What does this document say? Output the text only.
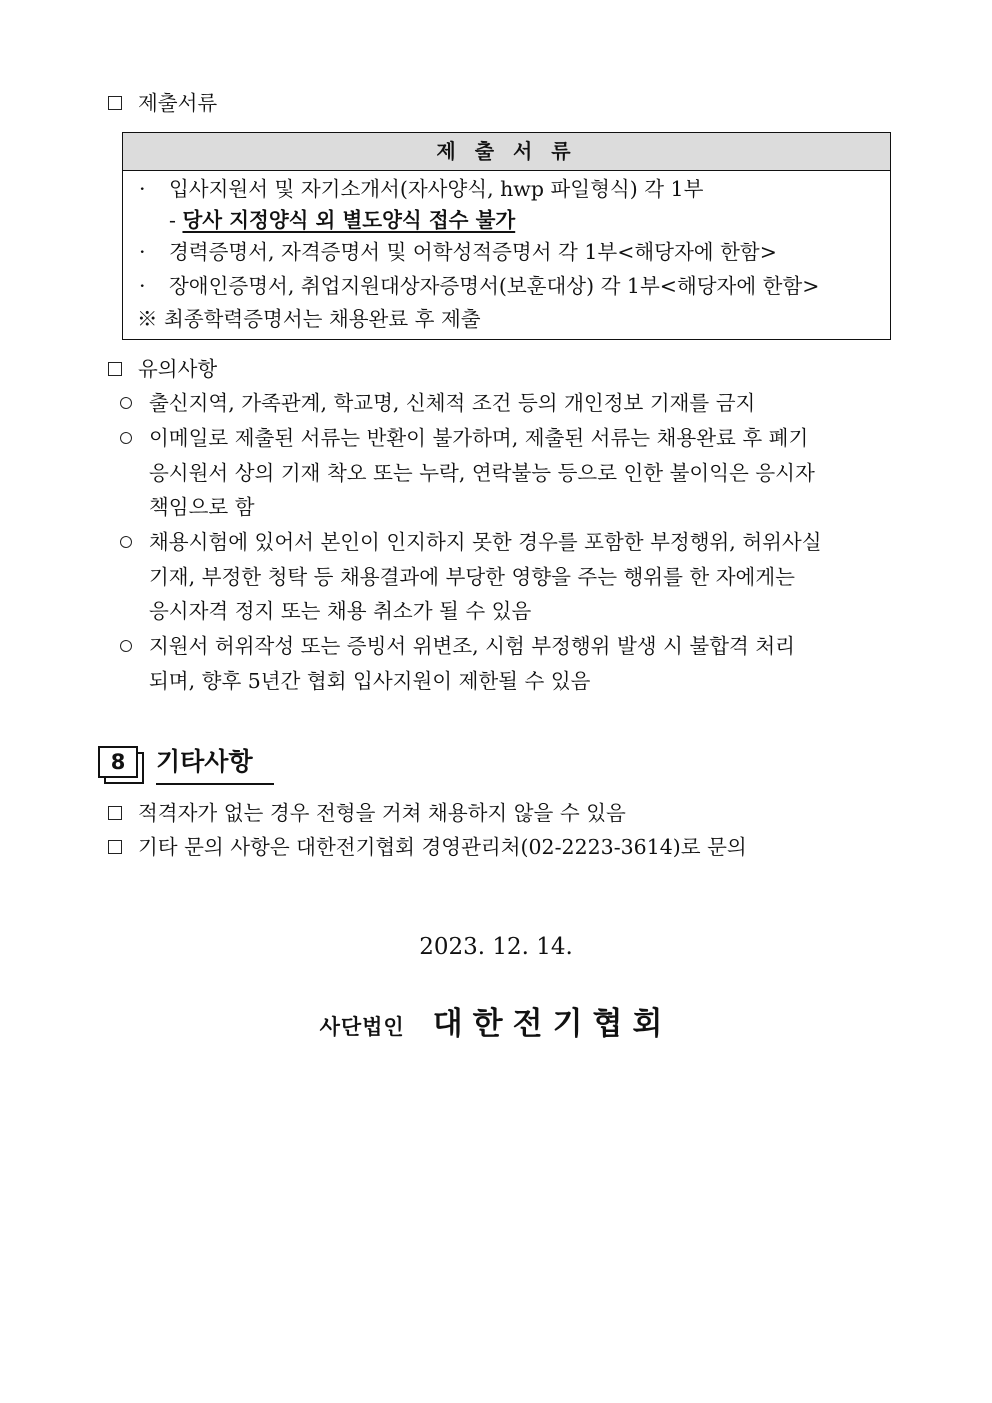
제출서류
제 출 서 류
· 입사지원서 및 자기소개서(자사양식, hwp 파일형식) 각 1부
- 당사 지정양식 외 별도양식 접수 불가
· 경력증명서, 자격증명서 및 어학성적증명서 각 1부<해당자에 한함>
· 장애인증명서, 취업지원대상자증명서(보훈대상) 각 1부<해당자에 한함>
※ 최종학력증명서는 채용완료 후 제출
유의사항
출신지역, 가족관계, 학교명, 신체적 조건 등의 개인정보 기재를 금지
이메일로 제출된 서류는 반환이 불가하며, 제출된 서류는 채용완료 후 폐기
응시원서 상의 기재 착오 또는 누락, 연락불능 등으로 인한 불이익은 응시자
책임으로 함
채용시험에 있어서 본인이 인지하지 못한 경우를 포함한 부정행위, 허위사실
기재, 부정한 청탁 등 채용결과에 부당한 영향을 주는 행위를 한 자에게는
응시자격 정지 또는 채용 취소가 될 수 있음
지원서 허위작성 또는 증빙서 위변조, 시험 부정행위 발생 시 불합격 처리
되며, 향후 5년간 협회 입사지원이 제한될 수 있음
8	기타사항
적격자가 없는 경우 전형을 거쳐 채용하지 않을 수 있음
기타 문의 사항은 대한전기협회 경영관리처(02-2223-3614)로 문의
2023. 12. 14.
사단법인 대한전기협회
